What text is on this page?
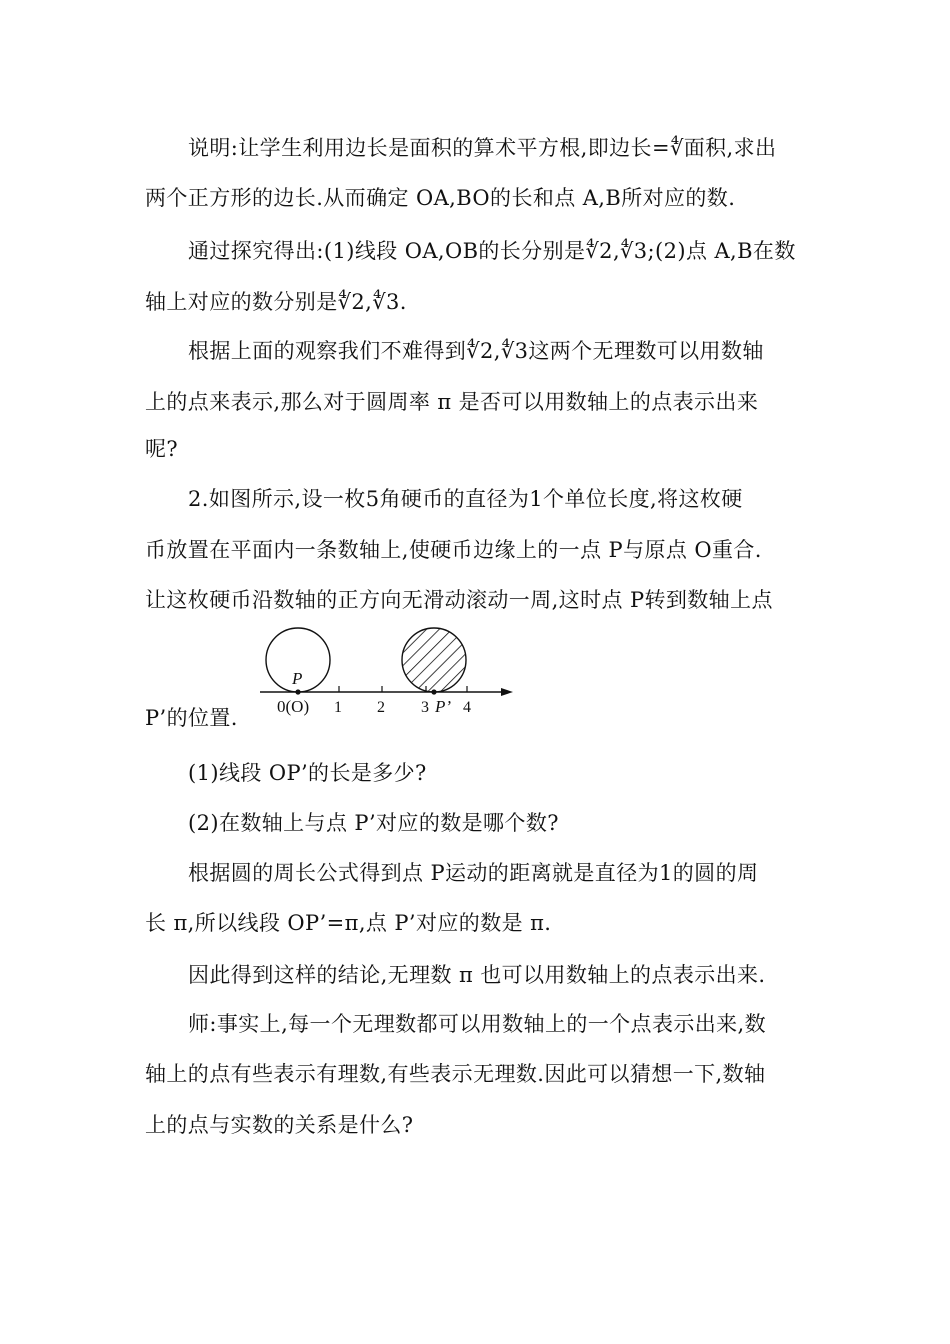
说明:让学生利用边长是面积的算术平方根,即边长=∜面积,求出
两个正方形的边长.从而确定 OA,BO的长和点 A,B所对应的数.
通过探究得出:(1)线段 OA,OB的长分别是∜2,∜3;(2)点 A,B在数
轴上对应的数分别是∜2,∜3.
根据上面的观察我们不难得到∜2,∜3这两个无理数可以用数轴
上的点来表示,那么对于圆周率 π 是否可以用数轴上的点表示出来
呢?
2.如图所示,设一枚5角硬币的直径为1个单位长度,将这枚硬
币放置在平面内一条数轴上,使硬币边缘上的一点 P与原点 O重合.
让这枚硬币沿数轴的正方向无滑动滚动一周,这时点 P转到数轴上点
P’的位置.
(1)线段 OP’的长是多少?
(2)在数轴上与点 P’对应的数是哪个数?
根据圆的周长公式得到点 P运动的距离就是直径为1的圆的周
长 π,所以线段 OP’=π,点 P’对应的数是 π.
因此得到这样的结论,无理数 π 也可以用数轴上的点表示出来.
师:事实上,每一个无理数都可以用数轴上的一个点表示出来,数
轴上的点有些表示有理数,有些表示无理数.因此可以猜想一下,数轴
上的点与实数的关系是什么?
P
0(O) 1 2 3 P’ 4
